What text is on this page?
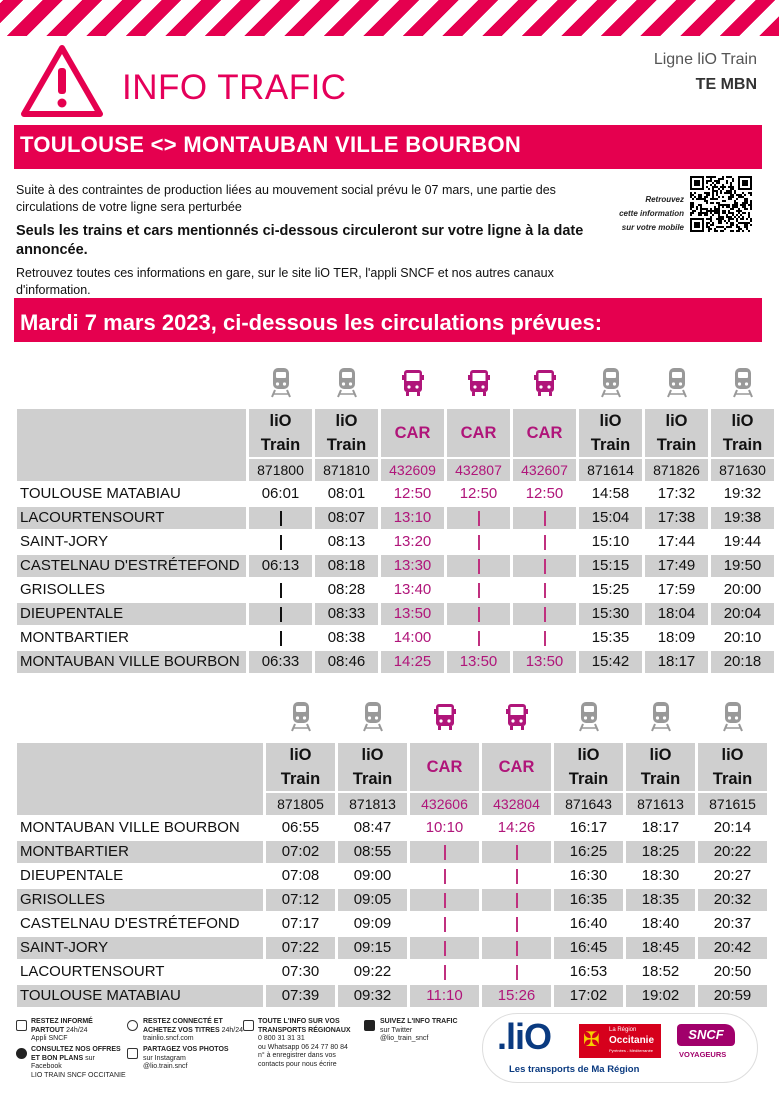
INFO TRAFIC
Ligne liO Train
TE MBN
TOULOUSE <> MONTAUBAN VILLE BOURBON
Suite à des contraintes de production liées au mouvement social prévu le 07 mars, une partie des circulations de votre ligne sera perturbée
Seuls les trains et cars mentionnés ci-dessous circuleront sur votre ligne à la date annoncée.
Retrouvez toutes ces informations en gare, sur le site liO TER, l'appli SNCF et nos autres canaux d'information.
Retrouvez
cette information
sur votre mobile
Mardi 7 mars 2023, ci-dessous les circulations prévues:

	liO Train	liO Train	CAR	CAR	CAR	liO Train	liO Train	liO Train
	871800	871810	432609	432807	432607	871614	871826	871630
TOULOUSE MATABIAU	06:01	08:01	12:50	12:50	12:50	14:58	17:32	19:32
LACOURTENSOURT		08:07	13:10			15:04	17:38	19:38
SAINT-JORY		08:13	13:20			15:10	17:44	19:44
CASTELNAU D'ESTRÉTEFOND	06:13	08:18	13:30			15:15	17:49	19:50
GRISOLLES		08:28	13:40			15:25	17:59	20:00
DIEUPENTALE		08:33	13:50			15:30	18:04	20:04
MONTBARTIER		08:38	14:00			15:35	18:09	20:10
MONTAUBAN VILLE BOURBON	06:33	08:46	14:25	13:50	13:50	15:42	18:17	20:18

	liO Train	liO Train	CAR	CAR	liO Train	liO Train	liO Train
	871805	871813	432606	432804	871643	871613	871615
MONTAUBAN VILLE BOURBON	06:55	08:47	10:10	14:26	16:17	18:17	20:14
MONTBARTIER	07:02	08:55			16:25	18:25	20:22
DIEUPENTALE	07:08	09:00			16:30	18:30	20:27
GRISOLLES	07:12	09:05			16:35	18:35	20:32
CASTELNAU D'ESTRÉTEFOND	07:17	09:09			16:40	18:40	20:37
SAINT-JORY	07:22	09:15			16:45	18:45	20:42
LACOURTENSOURT	07:30	09:22			16:53	18:52	20:50
TOULOUSE MATABIAU	07:39	09:32	11:10	15:26	17:02	19:02	20:59
RESTEZ INFORMÉ PARTOUT 24h/24
Appli SNCF
CONSULTEZ NOS OFFRES ET BON PLANS sur Facebook
LIO TRAIN SNCF OCCITANIE
RESTEZ CONNECTÉ ET ACHETEZ VOS TITRES 24h/24
trainlio.sncf.com
PARTAGEZ VOS PHOTOS
sur Instagram
@lio.train.sncf
TOUTE L'INFO SUR VOS TRANSPORTS RÉGIONAUX
0 800 31 31 31
ou Whatsapp 06 24 77 80 84
n° à enregistrer dans vos contacts pour nous écrire
SUIVEZ L'INFO TRAFIC
sur Twitter
@lio_train_sncf	.liO
Les transports de Ma Région
✠	La Région
Occitanie
Pyrénées - Méditerranée
SNCF
VOYAGEURS
